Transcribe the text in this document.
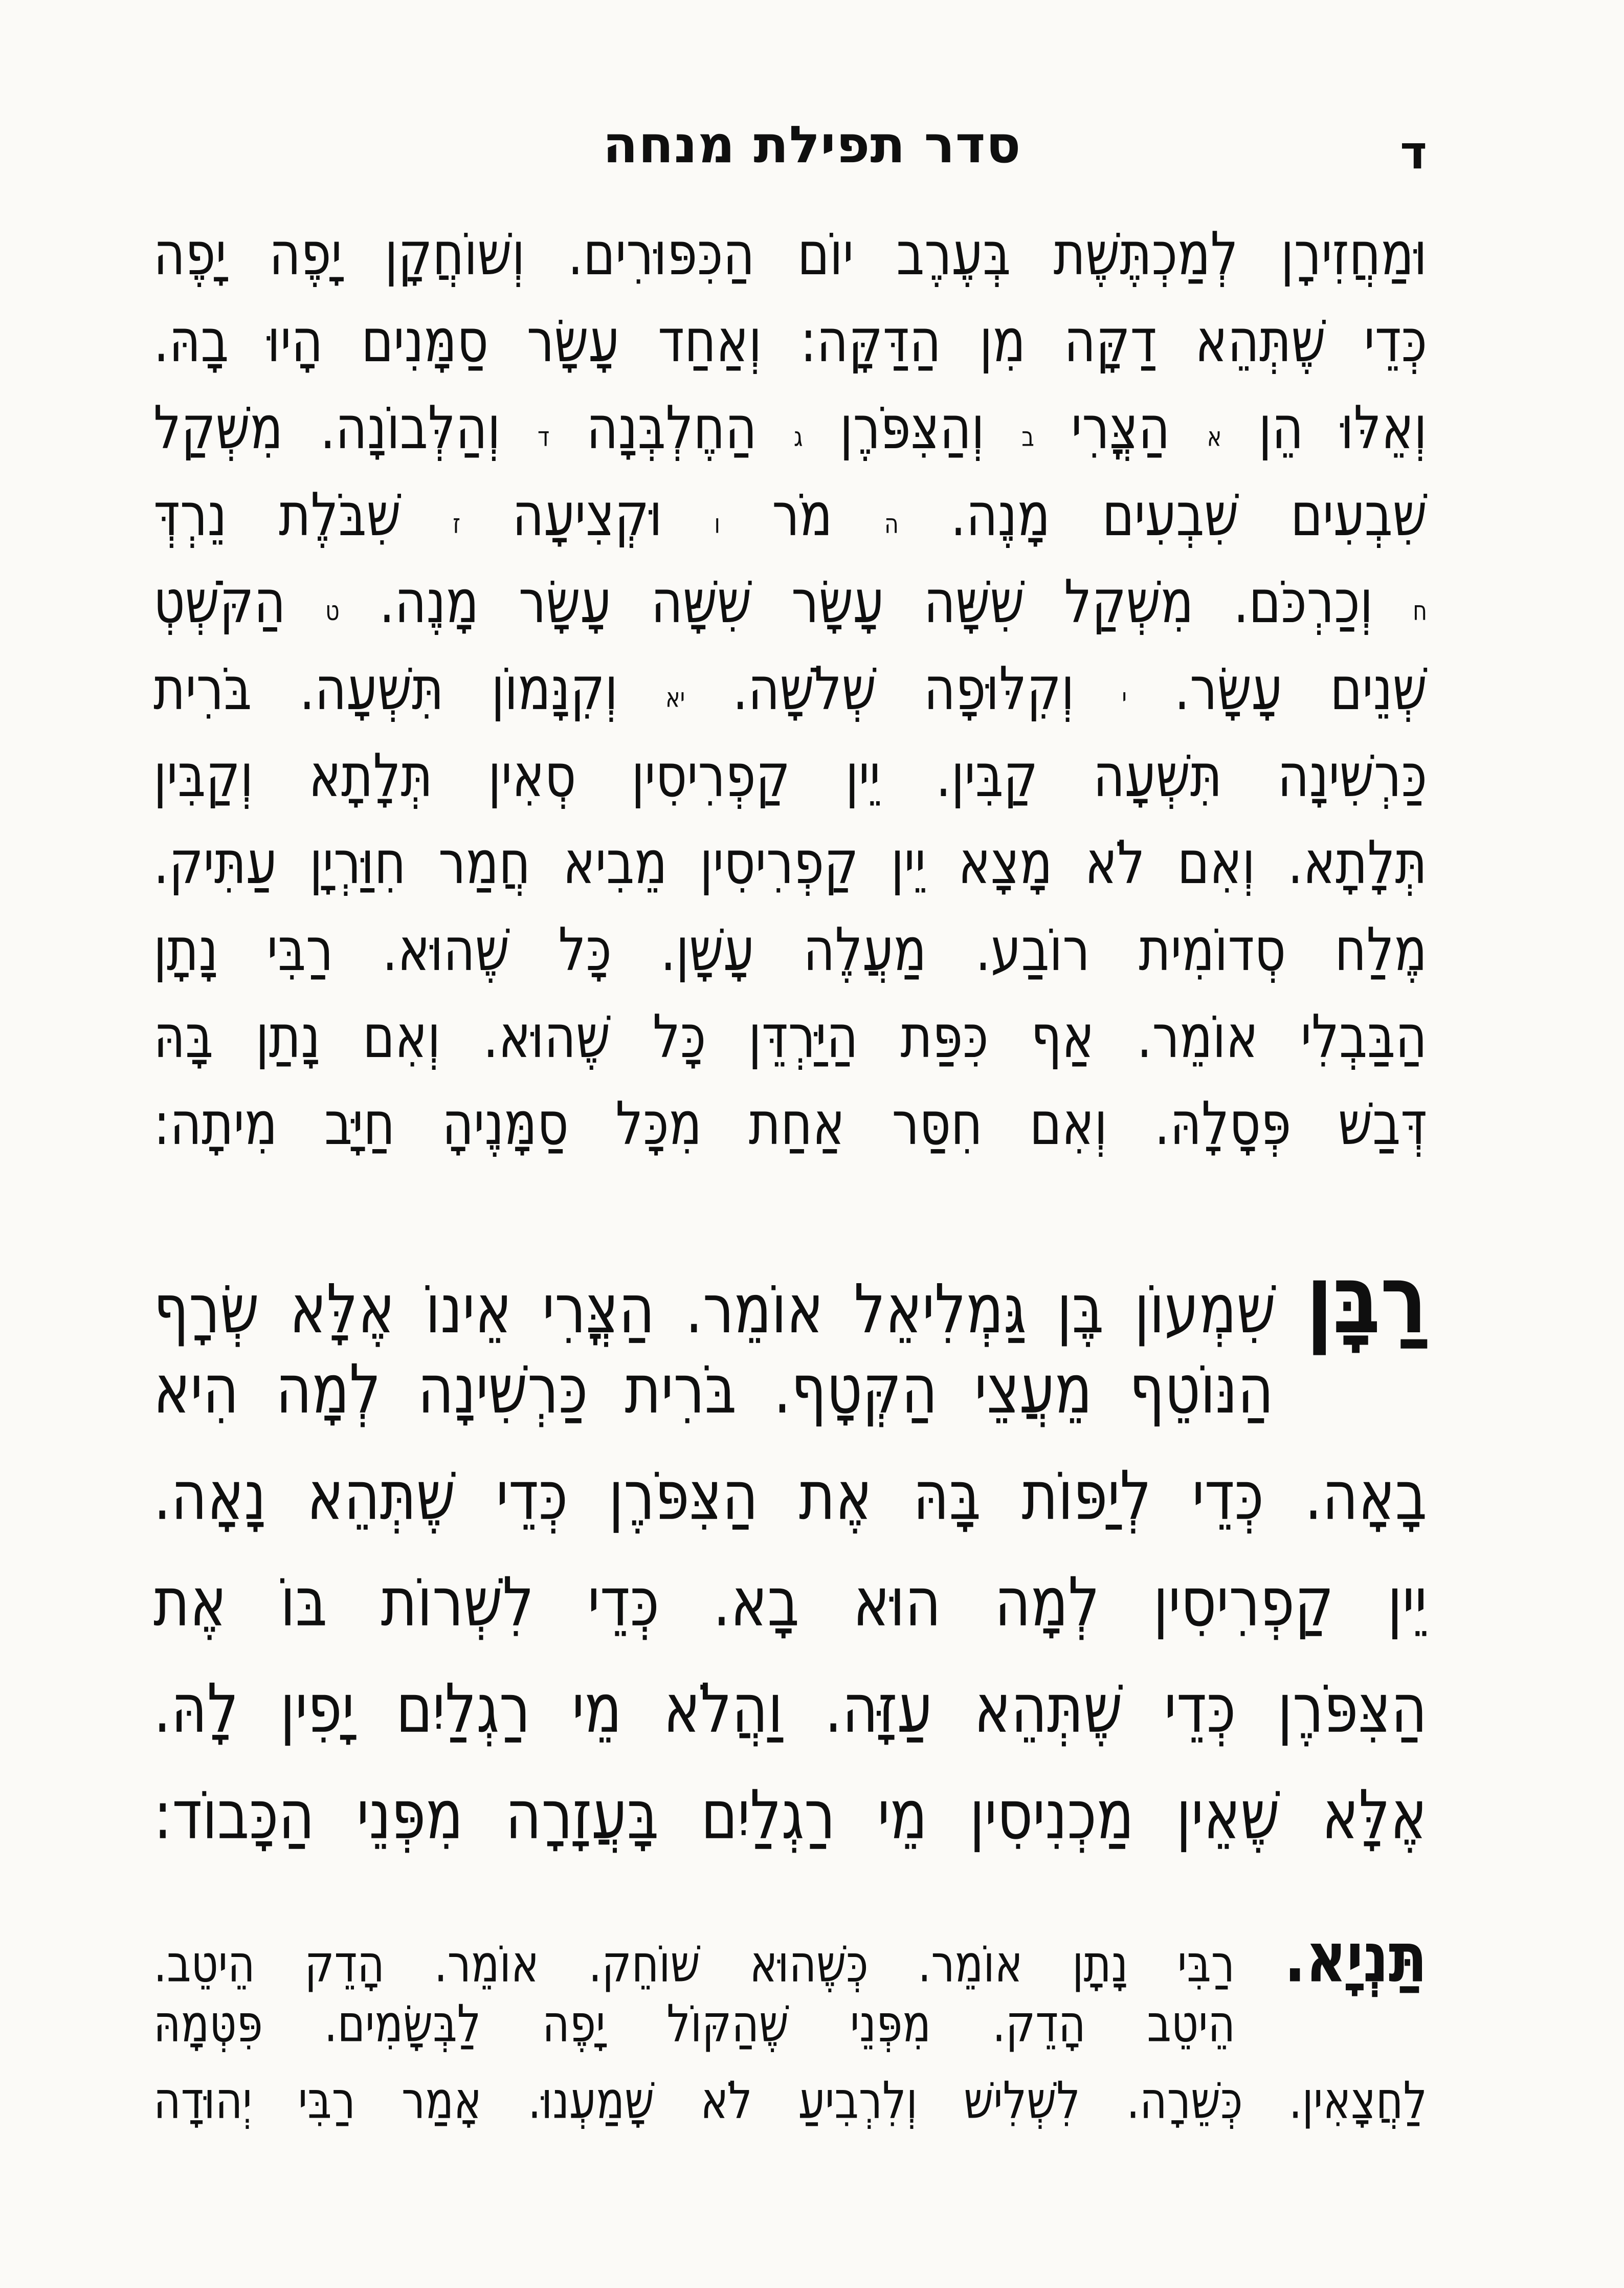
סדר תפילת מנחה	ד
וּמַחֲזִירָן
לְמַכְתֶּשֶׁת
בְּעֶרֶב
יוֹם
הַכִּפּוּרִים.
וְשׁוֹחֲקָן
יָפֶה
יָפֶה
כְּדֵי
שֶׁתְּהֵא
דַקָּה
מִן
הַדַּקָּה:
וְאַחַד
עָשָׂר
סַמָּנִים
הָיוּ
בָהּ.
וְאֵלּוּ
הֵן
א
הַצֳּרִי
ב
וְהַצִּפֹּרֶן
ג
הַחֶלְבְּנָה
ד
וְהַלְּבוֹנָה.
מִשְׁקַל
שִׁבְעִים
שִׁבְעִים
מָנֶה.
ה
מֹר
ו
וּקְצִיעָה
ז
שִׁבֹּלֶת
נֵרְדְּ
ח
וְכַרְכֹּם.
מִשְׁקַל
שִׁשָּׁה
עָשָׂר
שִׁשָּׁה
עָשָׂר
מָנֶה.
ט
הַקֹּשְׁטְ
שְׁנֵים
עָשָׂר.
י
וְקִלּוּפָה
שְׁלֹשָׁה.
יא
וְקִנָּמוֹן
תִּשְׁעָה.
בֹּרִית
כַּרְשִׁינָה
תִּשְׁעָה
קַבִּין.
יֵין
קַפְרִיסִין
סְאִין
תְּלָתָא
וְקַבִּין
תְּלָתָא.
וְאִם
לֹא
מָצָא
יֵין
קַפְרִיסִין
מֵבִיא
חֲמַר
חִוַּרְיָן
עַתִּיק.
מֶלַח
סְדוֹמִית
רוֹבַע.
מַעֲלֶה
עָשָׁן.
כָּל
שֶׁהוּא.
רַבִּי
נָתָן
הַבַּבְלִי
אוֹמֵר.
אַף
כִּפַּת
הַיַּרְדֵּן
כָּל
שֶׁהוּא.
וְאִם
נָתַן
בָּהּ
דְּבַשׁ
פְּסָלָהּ.
וְאִם
חִסַּר
אַחַת
מִכָּל
סַמָּנֶיהָ
חַיָּב
מִיתָה:
רַבָּן
שִׁמְעוֹן
בֶּן
גַּמְלִיאֵל
אוֹמֵר.
הַצֳּרִי
אֵינוֹ
אֶלָּא
שְׂרָף
הַנּוֹטֵף
מֵעֲצֵי
הַקְּטָף.
בֹּרִית
כַּרְשִׁינָה
לְמָה
הִיא
בָאָה.
כְּדֵי
לְיַפּוֹת
בָּהּ
אֶת
הַצִּפֹּרֶן
כְּדֵי
שֶׁתְּהֵא
נָאָה.
יֵין
קַפְרִיסִין
לְמָה
הוּא
בָא.
כְּדֵי
לִשְׁרוֹת
בּוֹ
אֶת
הַצִּפֹּרֶן
כְּדֵי
שֶׁתְּהֵא
עַזָּה.
וַהֲלֹא
מֵי
רַגְלַיִם
יָפִין
לָהּ.
אֶלָּא
שֶׁאֵין
מַכְנִיסִין
מֵי
רַגְלַיִם
בָּעֲזָרָה
מִפְּנֵי
הַכָּבוֹד:
תַּנְיָא.
רַבִּי
נָתָן
אוֹמֵר.
כְּשֶׁהוּא
שׁוֹחֵק.
אוֹמֵר.
הָדֵק
הֵיטֵב.
הֵיטֵב
הָדֵק.
מִפְּנֵי
שֶׁהַקּוֹל
יָפֶה
לַבְּשָׂמִים.
פִּטְּמָהּ
לַחֲצָאִין.
כְּשֵׁרָה.
לִשְׁלִישׁ
וְלִרְבִיעַ
לֹא
שָׁמַעְנוּ.
אָמַר
רַבִּי
יְהוּדָה
